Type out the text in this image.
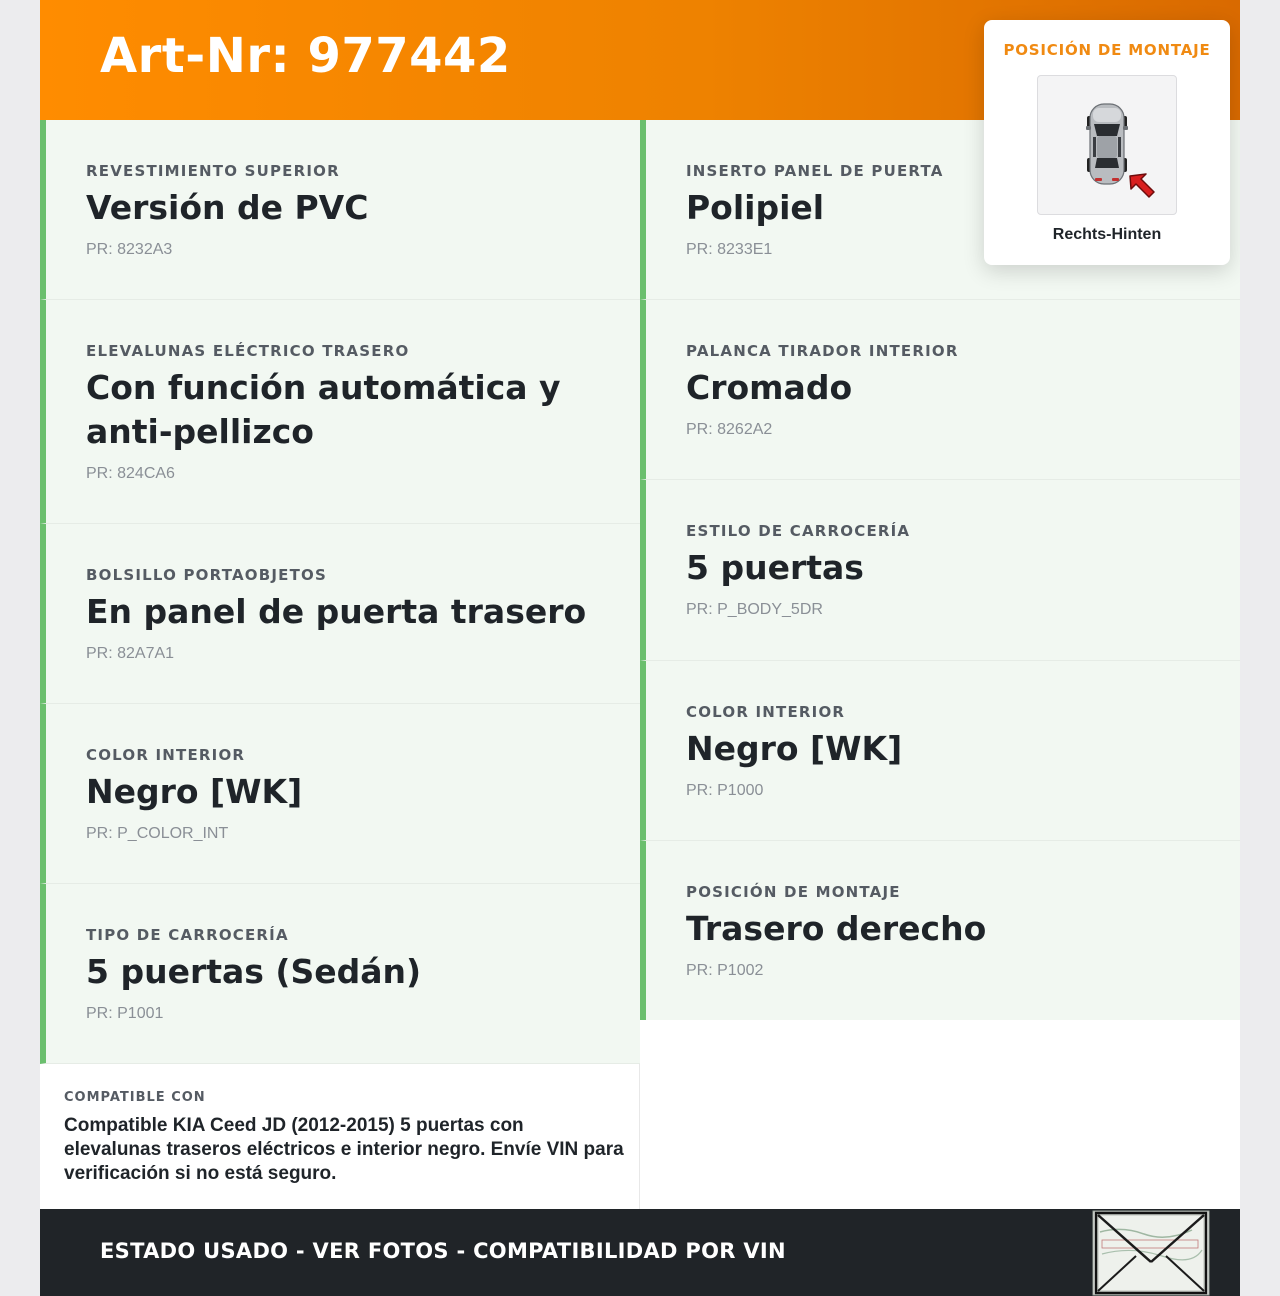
Art-Nr: 977442
REVESTIMIENTO SUPERIOR
Versión de PVC
PR: 8232A3
ELEVALUNAS ELÉCTRICO TRASERO
Con función automática y anti-pellizco
PR: 824CA6
BOLSILLO PORTAOBJETOS
En panel de puerta trasero
PR: 82A7A1
COLOR INTERIOR
Negro [WK]
PR: P_COLOR_INT
TIPO DE CARROCERÍA
5 puertas (Sedán)
PR: P1001
INSERTO PANEL DE PUERTA
Polipiel
PR: 8233E1
PALANCA TIRADOR INTERIOR
Cromado
PR: 8262A2
ESTILO DE CARROCERÍA
5 puertas
PR: P_BODY_5DR
COLOR INTERIOR
Negro [WK]
PR: P1000
POSICIÓN DE MONTAJE
Trasero derecho
PR: P1002
COMPATIBLE CON
Compatible KIA Ceed JD (2012-2015) 5 puertas con elevalunas traseros eléctricos e interior negro. Envíe VIN para verificación si no está seguro.
ESTADO USADO - VER FOTOS - COMPATIBILIDAD POR VIN
POSICIÓN DE MONTAJE
Rechts-Hinten
